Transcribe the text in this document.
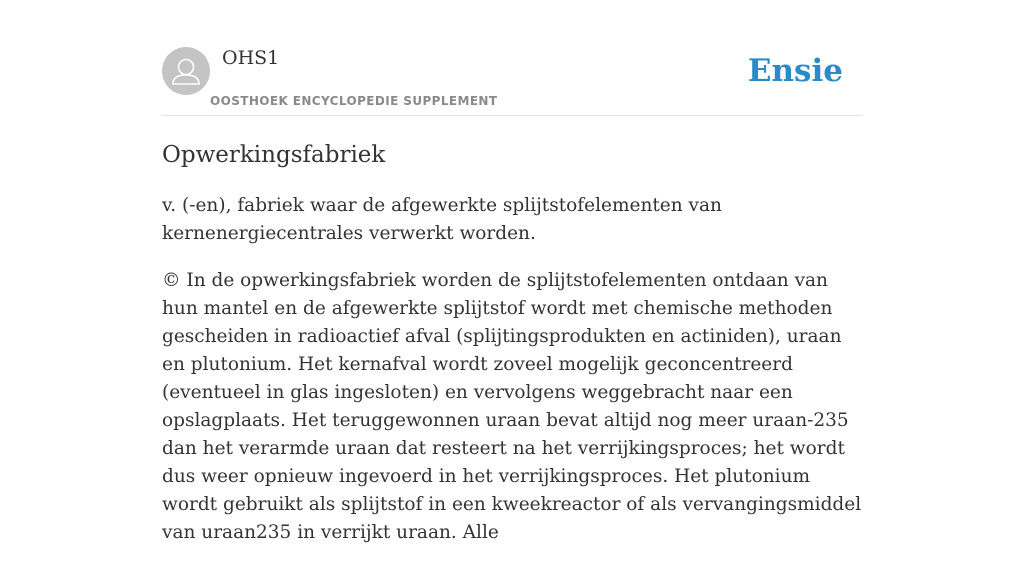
OHS1
OOSTHOEK ENCYCLOPEDIE SUPPLEMENT
Ensie
Opwerkingsfabriek

v. (-en), fabriek waar de afgewerkte splijtstofelementen van kernenergiecentrales verwerkt worden.

© In de opwerkingsfabriek worden de splijtstofelementen ontdaan van hun mantel en de afgewerkte splijtstof wordt met chemische methoden gescheiden in radioactief afval (splijtingsprodukten en actiniden), uraan en plutonium. Het kernafval wordt zoveel mogelijk geconcentreerd (eventueel in glas ingesloten) en vervolgens weggebracht naar een opslagplaats. Het teruggewonnen uraan bevat altijd nog meer uraan-235 dan het verarmde uraan dat resteert na het verrijkingsproces; het wordt dus weer opnieuw ingevoerd in het verrijkingsproces. Het plutonium wordt gebruikt als splijtstof in een kweekreactor of als vervangingsmiddel van uraan235 in verrijkt uraan. Alle
